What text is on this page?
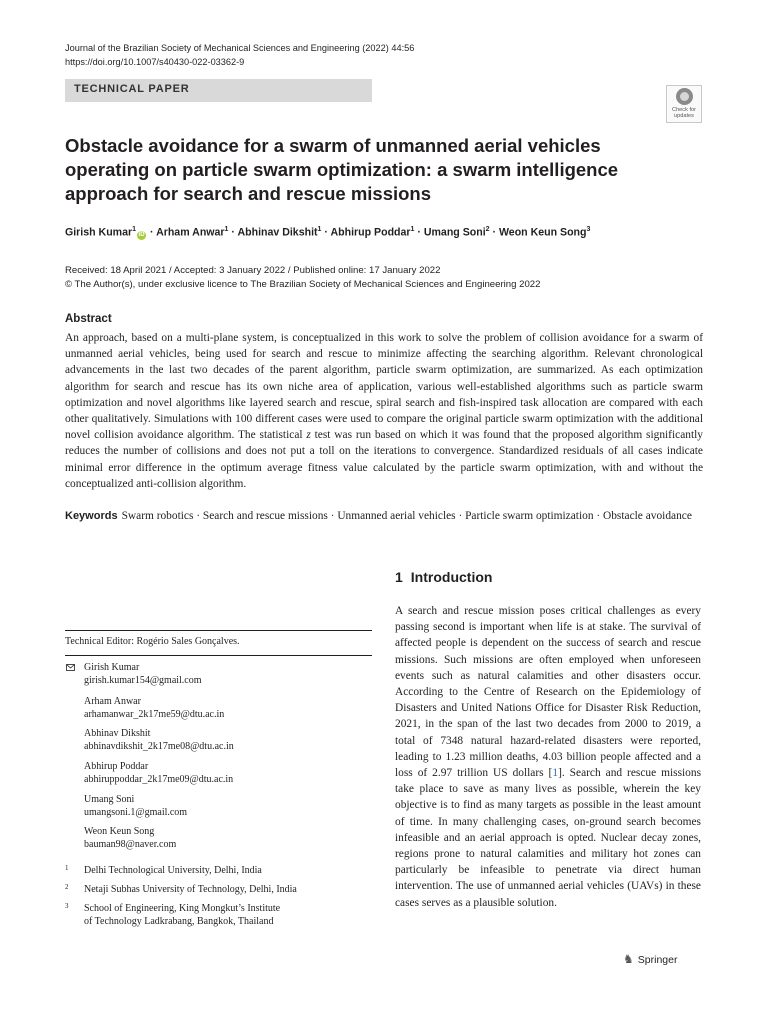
Journal of the Brazilian Society of Mechanical Sciences and Engineering (2022) 44:56
https://doi.org/10.1007/s40430-022-03362-9
TECHNICAL PAPER
Check for
updates
Obstacle avoidance for a swarm of unmanned aerial vehicles
operating on particle swarm optimization: a swarm intelligence
approach for search and rescue missions
Girish Kumar$^1$iD · Arham Anwar$^1$ · Abhinav Dikshit$^1$ · Abhirup Poddar$^1$ · Umang Soni$^2$ · Weon Keun Song$^3$
Received: 18 April 2021 / Accepted: 3 January 2022 / Published online: 17 January 2022
© The Author(s), under exclusive licence to The Brazilian Society of Mechanical Sciences and Engineering 2022
Abstract

An approach, based on a multi-plane system, is conceptualized in this work to solve the problem of collision avoidance for a swarm of unmanned aerial vehicles, being used for search and rescue to minimize affecting the searching algorithm. Relevant chronological advancements in the last two decades of the parent algorithm, particle swarm optimization, are summarized. As each optimization algorithm for search and rescue has its own niche area of application, various well-established algorithms such as particle swarm optimization and novel algorithms like layered search and rescue, spiral search and fish-inspired task allocation are compared with each other qualitatively. Simulations with 100 different cases were used to compare the original particle swarm optimization with the additional novel collision avoidance algorithm. The statistical z test was run based on which it was found that the proposed algorithm significantly reduces the number of collisions and does not put a toll on the iterations to convergence. Standardized residuals of all cases indicate minimal error difference in the optimum average fitness value calculated by the particle swarm optimization, with and without the conceptualized anti-collision algorithm.

Keywords Swarm robotics · Search and rescue missions · Unmanned aerial vehicles · Particle swarm optimization · Obstacle avoidance
1 Introduction

A search and rescue mission poses critical challenges as every passing second is important when life is at stake. The survival of affected people is dependent on the success of search and rescue missions. Such missions are often employed when unforeseen events such as natural calamities and other disasters occur. According to the Centre of Research on the Epidemiology of Disasters and United Nations Office for Disaster Risk Reduction, 2021, in the span of the last two decades from 2000 to 2019, a total of 7348 natural hazard-related disasters were reported, leading to 1.23 million deaths, 4.03 billion people affected and a loss of 2.97 trillion US dollars [1]. Search and rescue missions take place to save as many lives as possible, wherein the key objective is to find as many targets as possible in the least amount of time. In many challenging cases, on-ground search becomes infeasible and an aerial approach is opted. Nuclear decay zones, regions prone to natural calamities and military hot zones can particularly be infeasible to penetrate via direct human intervention. The use of unmanned aerial vehicles (UAVs) in these cases serves as a plausible solution.

Technical Editor: Rogério Sales Gonçalves.
Girish Kumar
girish.kumar154@gmail.com
Arham Anwar
arhamanwar_2k17me59@dtu.ac.in
Abhinav Dikshit
abhinavdikshit_2k17me08@dtu.ac.in
Abhirup Poddar
abhiruppoddar_2k17me09@dtu.ac.in
Umang Soni
umangsoni.1@gmail.com
Weon Keun Song
bauman98@naver.com
1 Delhi Technological University, Delhi, India
2 Netaji Subhas University of Technology, Delhi, India
3 School of Engineering, King Mongkut’s Institute
of Technology Ladkrabang, Bangkok, Thailand
♞ Springer
